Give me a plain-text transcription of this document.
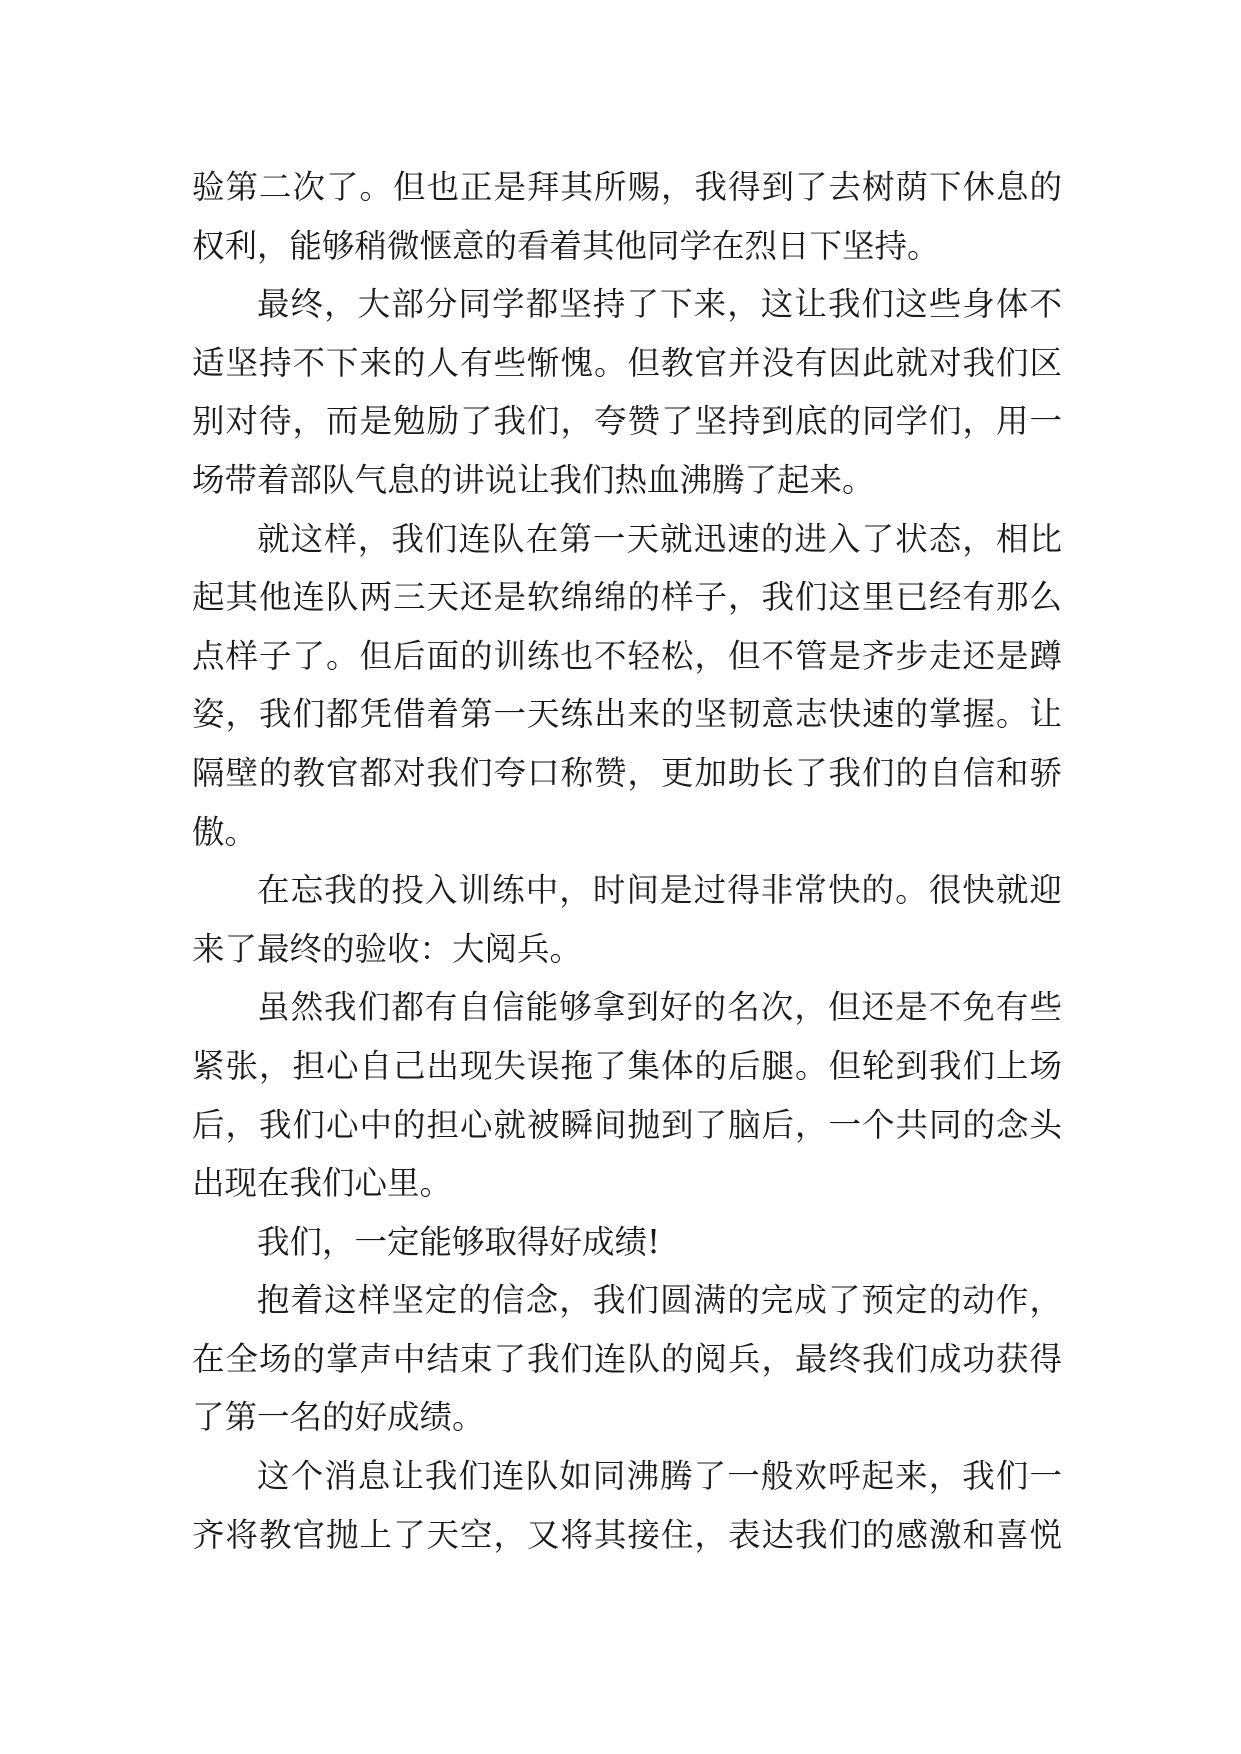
验第二次了。但也正是拜其所赐，我得到了去树荫下休息的
权利，能够稍微惬意的看着其他同学在烈日下坚持。
最终，大部分同学都坚持了下来，这让我们这些身体不
适坚持不下来的人有些惭愧。但教官并没有因此就对我们区
别对待，而是勉励了我们，夸赞了坚持到底的同学们，用一
场带着部队气息的讲说让我们热血沸腾了起来。
就这样，我们连队在第一天就迅速的进入了状态，相比
起其他连队两三天还是软绵绵的样子，我们这里已经有那么
点样子了。但后面的训练也不轻松，但不管是齐步走还是蹲
姿，我们都凭借着第一天练出来的坚韧意志快速的掌握。让
隔壁的教官都对我们夸口称赞，更加助长了我们的自信和骄
傲。
在忘我的投入训练中，时间是过得非常快的。很快就迎
来了最终的验收：大阅兵。
虽然我们都有自信能够拿到好的名次，但还是不免有些
紧张，担心自己出现失误拖了集体的后腿。但轮到我们上场
后，我们心中的担心就被瞬间抛到了脑后，一个共同的念头
出现在我们心里。
我们，一定能够取得好成绩!
抱着这样坚定的信念，我们圆满的完成了预定的动作，
在全场的掌声中结束了我们连队的阅兵，最终我们成功获得
了第一名的好成绩。
这个消息让我们连队如同沸腾了一般欢呼起来，我们一
齐将教官抛上了天空，又将其接住，表达我们的感激和喜悦
